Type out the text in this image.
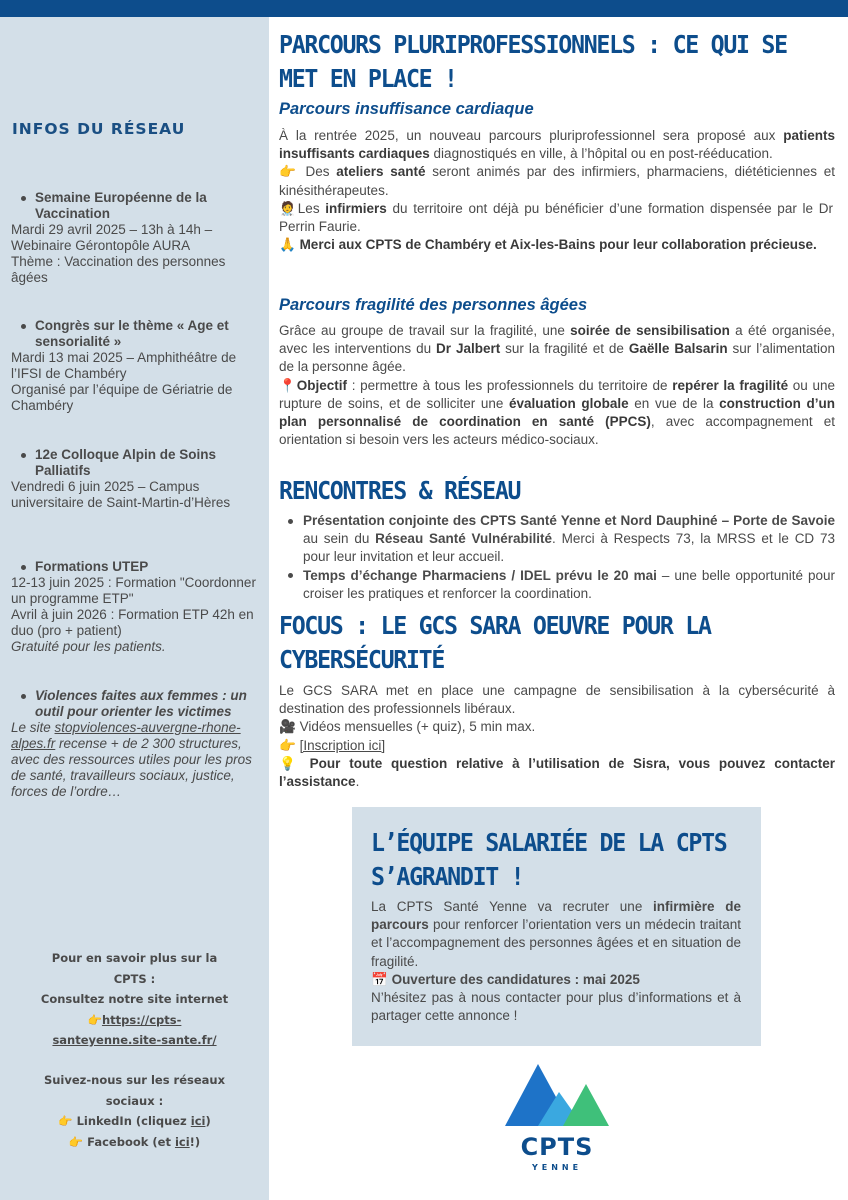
INFOS DU RÉSEAU
Semaine Européenne de la Vaccination
Mardi 29 avril 2025 – 13h à 14h –
Webinaire Gérontopôle AURA
Thème : Vaccination des personnes âgées
Congrès sur le thème « Age et sensorialité »
Mardi 13 mai 2025 – Amphithéâtre de l’IFSI de Chambéry
Organisé par l’équipe de Gériatrie de Chambéry
12e Colloque Alpin de Soins Palliatifs
Vendredi 6 juin 2025 – Campus universitaire de Saint-Martin-d’Hères
Formations UTEP
12-13 juin 2025 : Formation "Coordonner un programme ETP"
Avril à juin 2026 : Formation ETP 42h en duo (pro + patient)
Gratuité pour les patients.
Violences faites aux femmes : un outil pour orienter les victimes
Le site stopviolences-auvergne-rhone-alpes.fr recense + de 2 300 structures, avec des ressources utiles pour les pros de santé, travailleurs sociaux, justice, forces de l’ordre…
Pour en savoir plus sur la
CPTS :
Consultez notre site internet
👉https://cpts-
santeyenne.site-sante.fr/
Suivez-nous sur les réseaux
sociaux :
👉 LinkedIn (cliquez ici)
👉 Facebook (et ici!)
PARCOURS PLURIPROFESSIONNELS : CE QUI SE
MET EN PLACE !
Parcours insuffisance cardiaque
À la rentrée 2025, un nouveau parcours pluriprofessionnel sera proposé aux patients insuffisants cardiaques diagnostiqués en ville, à l’hôpital ou en post-rééducation.
👉 Des ateliers santé seront animés par des infirmiers, pharmaciens, diététiciennes et kinésithérapeutes.
🧑‍⚕️Les infirmiers du territoire ont déjà pu bénéficier d’une formation dispensée par le Dr Perrin Faurie.
🙏 Merci aux CPTS de Chambéry et Aix-les-Bains pour leur collaboration précieuse.
Parcours fragilité des personnes âgées
Grâce au groupe de travail sur la fragilité, une soirée de sensibilisation a été organisée, avec les interventions du Dr Jalbert sur la fragilité et de Gaëlle Balsarin sur l’alimentation de la personne âgée.
📍Objectif : permettre à tous les professionnels du territoire de repérer la fragilité ou une rupture de soins, et de solliciter une évaluation globale en vue de la construction d’un plan personnalisé de coordination en santé (PPCS), avec accompagnement et orientation si besoin vers les acteurs médico-sociaux.
RENCONTRES & RÉSEAU
Présentation conjointe des CPTS Santé Yenne et Nord Dauphiné – Porte de Savoie au sein du Réseau Santé Vulnérabilité. Merci à Respects 73, la MRSS et le CD 73 pour leur invitation et leur accueil.
Temps d’échange Pharmaciens / IDEL prévu le 20 mai – une belle opportunité pour croiser les pratiques et renforcer la coordination.
FOCUS : LE GCS SARA OEUVRE POUR LA
CYBERSÉCURITÉ
Le GCS SARA met en place une campagne de sensibilisation à la cybersécurité à destination des professionnels libéraux.
🎥 Vidéos mensuelles (+ quiz), 5 min max.
👉 [Inscription ici]
💡 Pour toute question relative à l’utilisation de Sisra, vous pouvez contacter l’assistance.
L’ÉQUIPE SALARIÉE DE LA CPTS
S’AGRANDIT !
La CPTS Santé Yenne va recruter une infirmière de parcours pour renforcer l’orientation vers un médecin traitant et l’accompagnement des personnes âgées et en situation de fragilité.
📅 Ouverture des candidatures : mai 2025
N’hésitez pas à nous contacter pour plus d’informations et à partager cette annonce !
CPTS
YENNE
